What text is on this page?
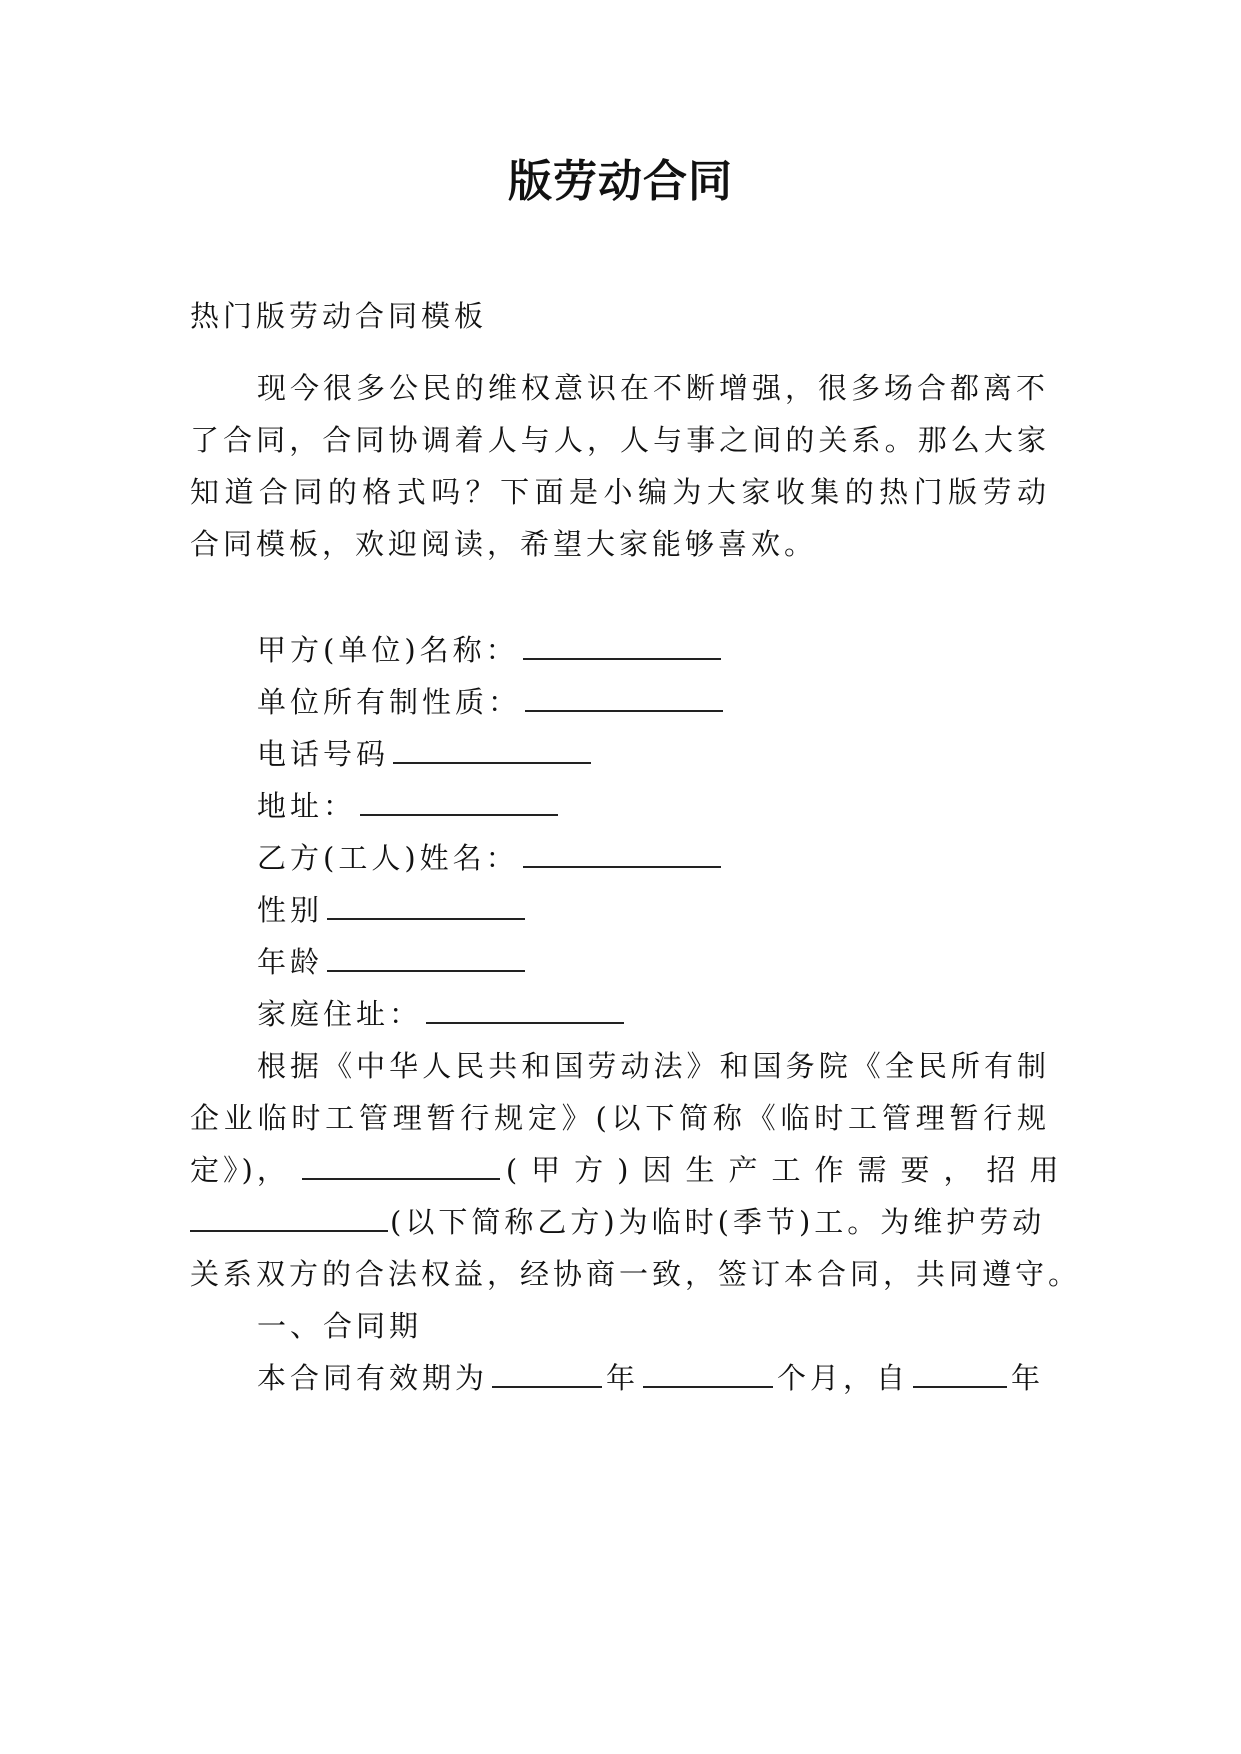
版劳动合同
热门版劳动合同模板
现今很多公民的维权意识在不断增强，很多场合都离不
了合同，合同协调着人与人，人与事之间的关系。那么大家
知道合同的格式吗？下面是小编为大家收集的热门版劳动
合同模板，欢迎阅读，希望大家能够喜欢。
甲方(单位)名称：
单位所有制性质：
电话号码
地址：
乙方(工人)姓名：
性别
年龄
家庭住址：
根据《中华人民共和国劳动法》和国务院《全民所有制
企业临时工管理暂行规定》(以下简称《临时工管理暂行规
定》)，	(甲方)因生产工作需要，招用
(以下简称乙方)为临时(季节)工。为维护劳动
关系双方的合法权益，经协商一致，签订本合同，共同遵守。
一、合同期
本合同有效期为	年	个月，自	年
